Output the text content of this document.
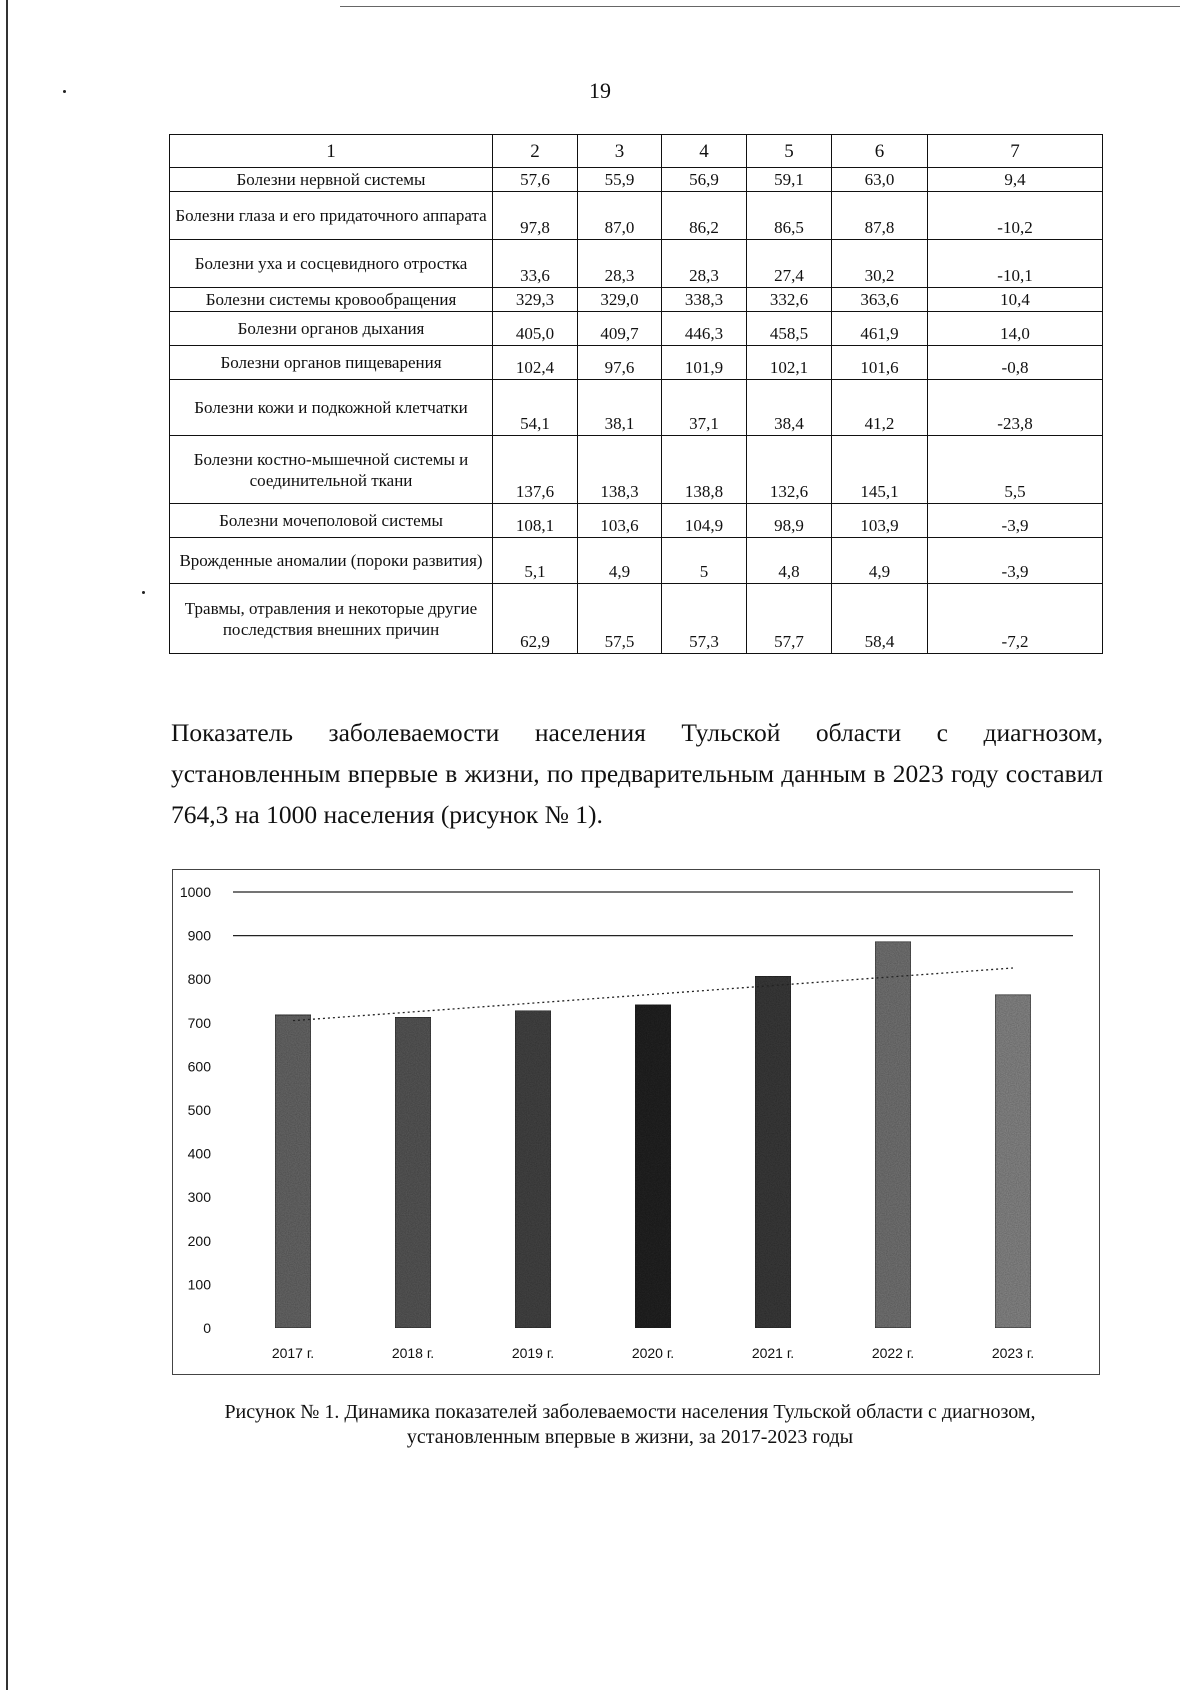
19
1	2	3	4	5	6	7
Болезни нервной системы	57,6	55,9	56,9	59,1	63,0	9,4
Болезни глаза и его придаточного аппарата	97,8	87,0	86,2	86,5	87,8	-10,2
Болезни уха и сосцевидного отростка	33,6	28,3	28,3	27,4	30,2	-10,1
Болезни системы кровообращения	329,3	329,0	338,3	332,6	363,6	10,4
Болезни органов дыхания	405,0	409,7	446,3	458,5	461,9	14,0
Болезни органов пищеварения	102,4	97,6	101,9	102,1	101,6	-0,8
Болезни кожи и подкожной клетчатки	54,1	38,1	37,1	38,4	41,2	-23,8
Болезни костно-мышечной системы и соединительной ткани	137,6	138,3	138,8	132,6	145,1	5,5
Болезни мочеполовой системы	108,1	103,6	104,9	98,9	103,9	-3,9
Врожденные аномалии (пороки развития)	5,1	4,9	5	4,8	4,9	-3,9
Травмы, отравления и некоторые другие последствия внешних причин	62,9	57,5	57,3	57,7	58,4	-7,2
Показатель заболеваемости населения Тульской области с диагнозом, установленным впервые в жизни, по предварительным данным в 2023 году составил 764,3 на 1000 населения (рисунок № 1).
0
100
200
300
400
500
600
700
800
900
1000
2017 г.	2018 г.	2019 г.	2020 г.	2021 г.	2022 г.	2023 г.
Рисунок № 1. Динамика показателей заболеваемости населения Тульской области с диагнозом,
установленным впервые в жизни, за 2017-2023 годы
